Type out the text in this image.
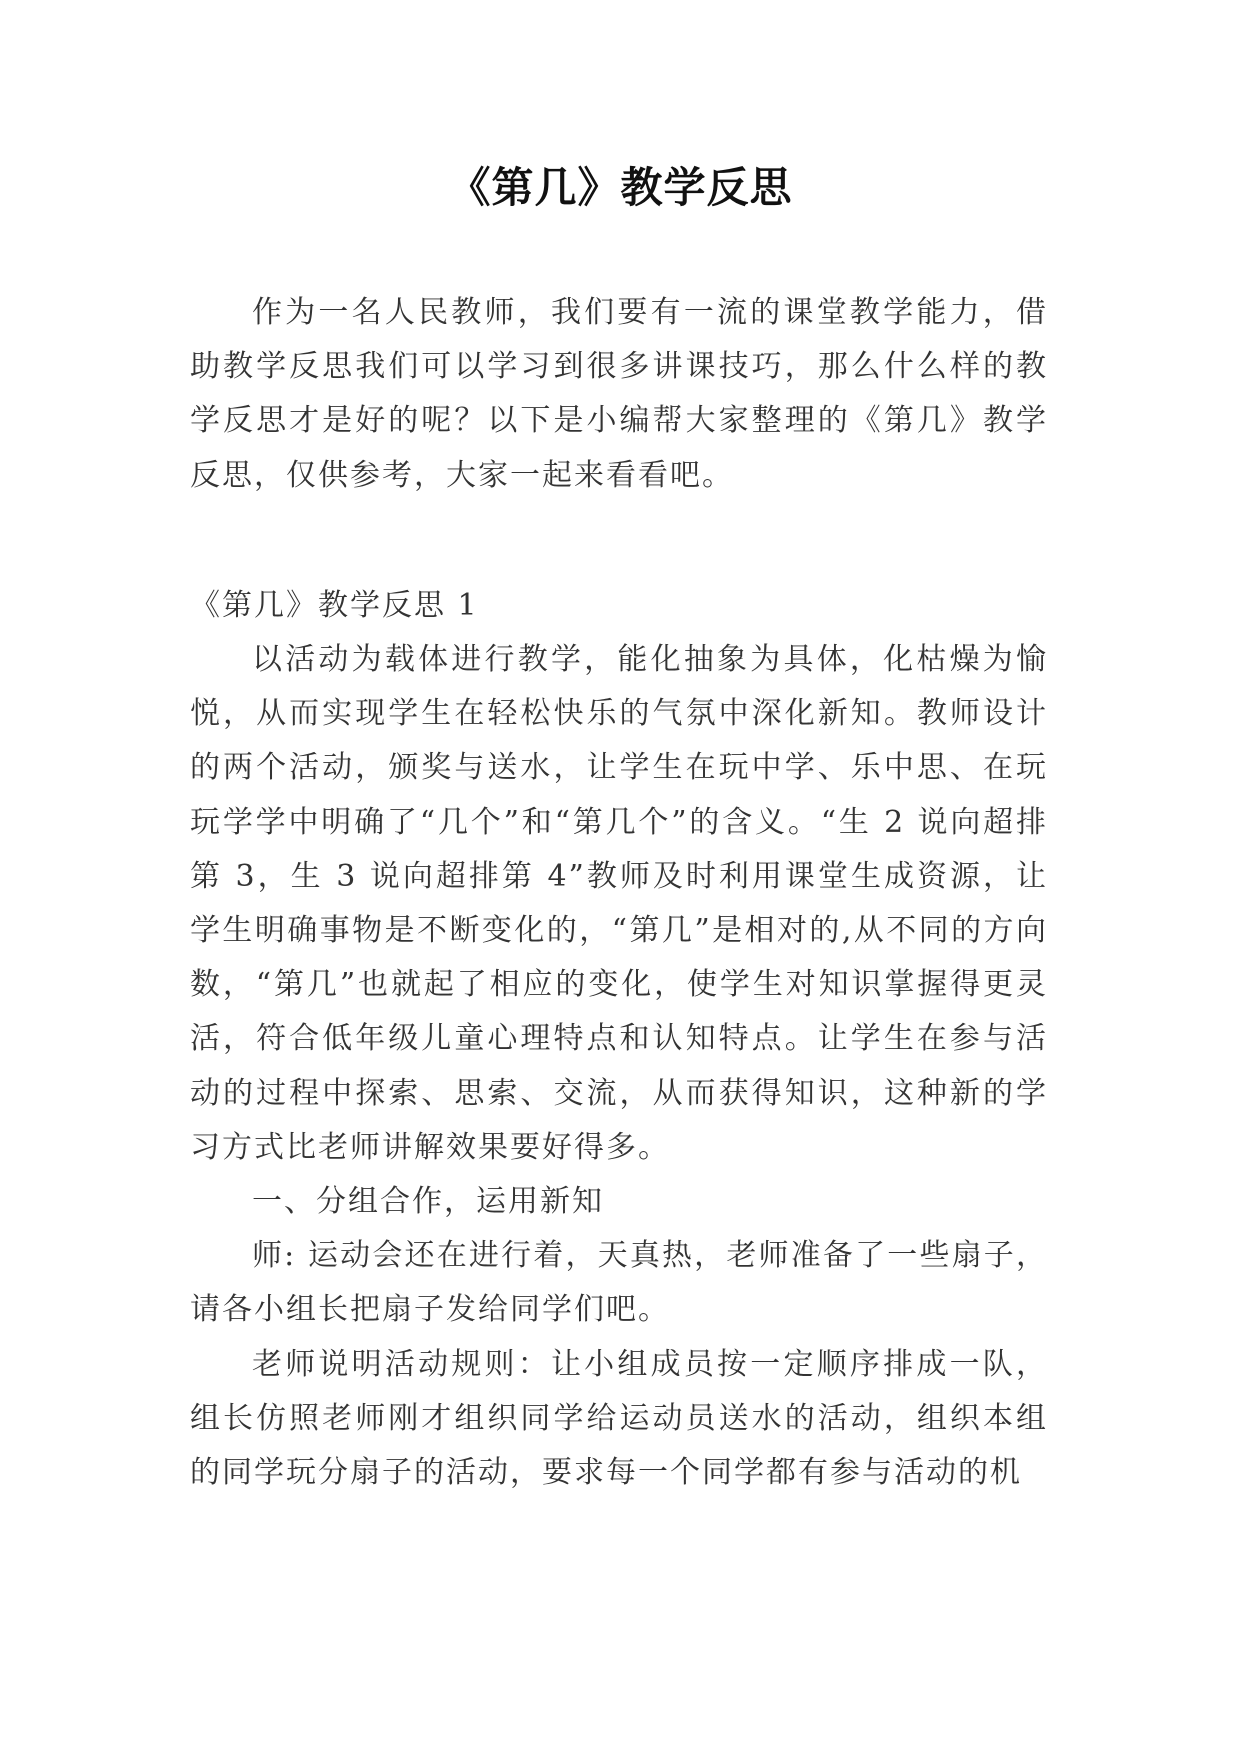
《第几》教学反思

作为一名人民教师，我们要有一流的课堂教学能力，借助教学反思我们可以学习到很多讲课技巧，那么什么样的教学反思才是好的呢？以下是小编帮大家整理的《第几》教学反思，仅供参考，大家一起来看看吧。

《第几》教学反思 1

以活动为载体进行教学，能化抽象为具体，化枯燥为愉悦，从而实现学生在轻松快乐的气氛中深化新知。教师设计的两个活动，颁奖与送水，让学生在玩中学、乐中思、在玩玩学学中明确了“几个”和“第几个”的含义。“生 2 说向超排第 3，生 3 说向超排第 4”教师及时利用课堂生成资源，让学生明确事物是不断变化的，“第几”是相对的,从不同的方向数，“第几”也就起了相应的变化，使学生对知识掌握得更灵活，符合低年级儿童心理特点和认知特点。让学生在参与活动的过程中探索、思索、交流，从而获得知识，这种新的学习方式比老师讲解效果要好得多。

一、分组合作，运用新知

师: 运动会还在进行着，天真热，老师准备了一些扇子，请各小组长把扇子发给同学们吧。

老师说明活动规则：让小组成员按一定顺序排成一队，组长仿照老师刚才组织同学给运动员送水的活动，组织本组的同学玩分扇子的活动，要求每一个同学都有参与活动的机
